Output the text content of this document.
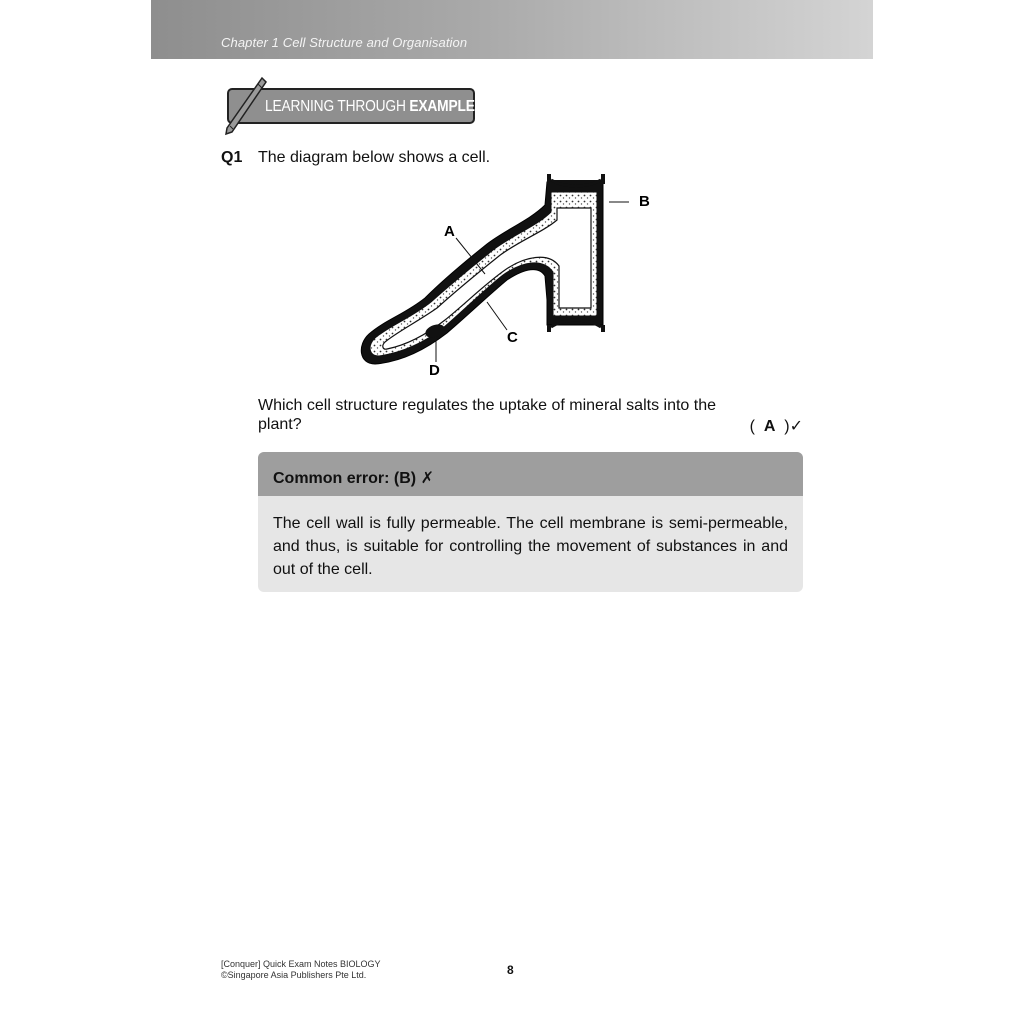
Chapter 1 Cell Structure and Organisation
LEARNING THROUGH EXAMPLES
Q1 The diagram below shows a cell.
A
B
C
D
Which cell structure regulates the uptake of mineral salts into the
plant?	(  A  )✓
Common error: (B) ✗
The cell wall is fully permeable. The cell membrane is semi-permeable, and thus, is suitable for controlling the movement of substances in and out of the cell.
[Conquer] Quick Exam Notes BIOLOGY
©Singapore Asia Publishers Pte Ltd.	8
